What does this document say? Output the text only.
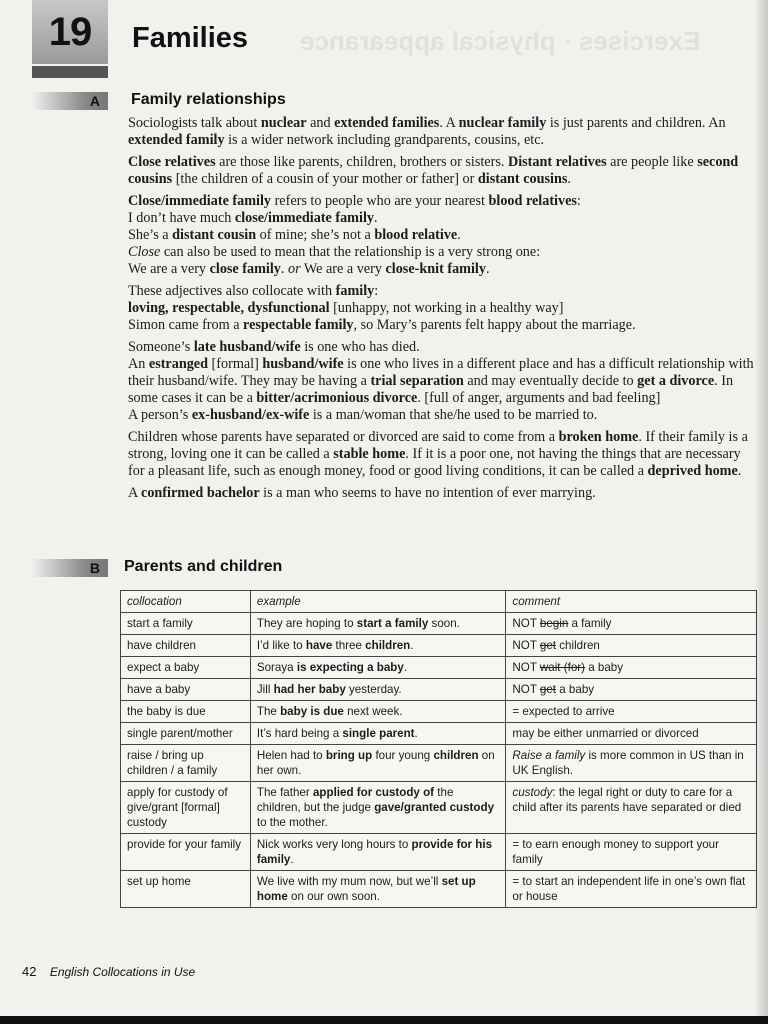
Exercises · physical appearance
19 Families
A	Family relationships

Sociologists talk about nuclear and extended families. A nuclear family is just parents and children. An extended family is a wider network including grandparents, cousins, etc.

Close relatives are those like parents, children, brothers or sisters. Distant relatives are people like second cousins [the children of a cousin of your mother or father] or distant cousins.

Close/immediate family refers to people who are your nearest blood relatives:

I don’t have much close/immediate family.

She’s a distant cousin of mine; she’s not a blood relative.

Close can also be used to mean that the relationship is a very strong one:

We are a very close family. or We are a very close-knit family.

These adjectives also collocate with family:

loving, respectable, dysfunctional [unhappy, not working in a healthy way]

Simon came from a respectable family, so Mary’s parents felt happy about the marriage.

Someone’s late husband/wife is one who has died.

An estranged [formal] husband/wife is one who lives in a different place and has a difficult relationship with their husband/wife. They may be having a trial separation and may eventually decide to get a divorce. In some cases it can be a bitter/acrimonious divorce. [full of anger, arguments and bad feeling]

A person’s ex-husband/ex-wife is a man/woman that she/he used to be married to.

Children whose parents have separated or divorced are said to come from a broken home. If their family is a strong, loving one it can be called a stable home. If it is a poor one, not having the things that are necessary for a pleasant life, such as enough money, food or good living conditions, it can be called a deprived home.

A confirmed bachelor is a man who seems to have no intention of ever marrying.

B	Parents and children
collocation	example	comment
start a family	They are hoping to start a family soon.	NOT begin a family
have children	I’d like to have three children.	NOT get children
expect a baby	Soraya is expecting a baby.	NOT wait (for) a baby
have a baby	Jill had her baby yesterday.	NOT get a baby
the baby is due	The baby is due next week.	= expected to arrive
single parent/mother	It’s hard being a single parent.	may be either unmarried or divorced
raise / bring up children / a family	Helen had to bring up four young children on her own.	Raise a family is more common in US than in UK English.
apply for custody of give/grant [formal] custody	The father applied for custody of the children, but the judge gave/granted custody to the mother.	custody: the legal right or duty to care for a child after its parents have separated or died
provide for your family	Nick works very long hours to provide for his family.	= to earn enough money to support your family
set up home	We live with my mum now, but we’ll set up home on our own soon.	= to start an independent life in one’s own flat or house
42 English Collocations in Use
